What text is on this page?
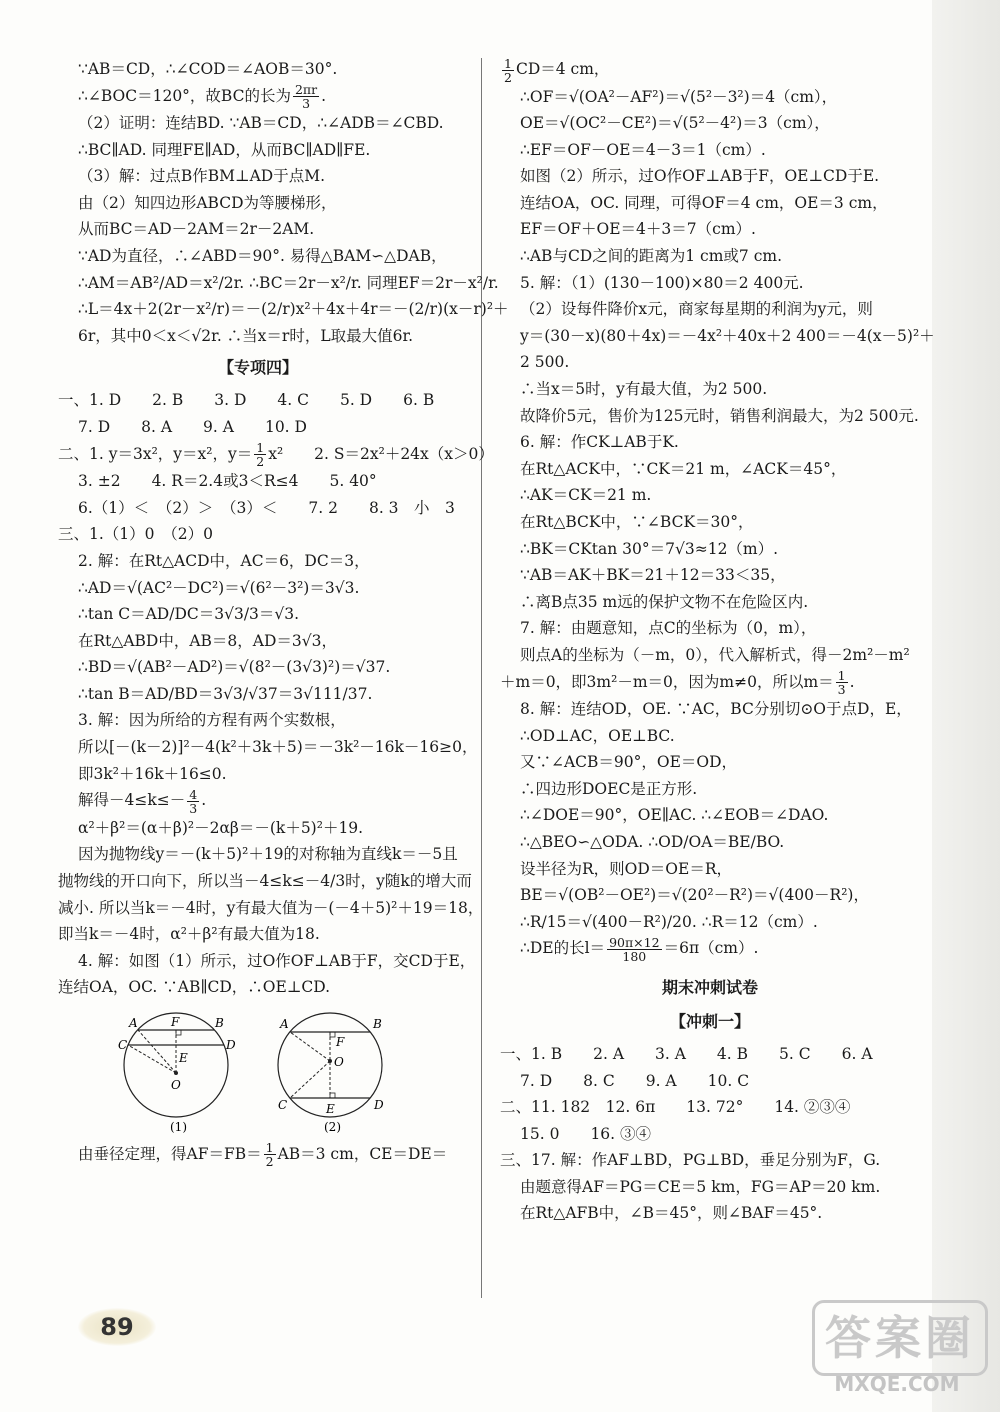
∵AB＝CD，∴∠COD＝∠AOB＝30°.
∴∠BOC＝120°，故BC的长为 $\frac{2\pi r}{3}$ .
（2）证明：连结BD. ∵AB＝CD，∴∠ADB＝∠CBD.
∴BC∥AD. 同理FE∥AD，从而BC∥AD∥FE.
（3）解：过点B作BM⊥AD于点M.
由（2）知四边形ABCD为等腰梯形，
从而BC＝AD－2AM＝2r－2AM.
∵AD为直径，∴∠ABD＝90°. 易得△BAM∽△DAB，
∴AM＝AB²/AD＝x²/2r. ∴BC＝2r－x²/r. 同理EF＝2r－x²/r.
∴L＝4x＋2(2r－x²/r)＝－(2/r)x²＋4x＋4r＝－(2/r)(x－r)²＋
6r，其中0＜x＜√2r. ∴当x＝r时，L取最大值6r.
【专项四】
一、1. D　　2. B　　3. D　　4. C　　5. D　　6. B
7. D　　8. A　　9. A　　10. D
二、1. y＝3x²，y＝x²，$y= \frac{1}{2} x^2$　　2. S＝2x²＋24x（x＞0）
3. ±2　　4. R＝2.4或3＜R≤4　　5. 40°
6.（1）＜　（2）＞　（3）＜　　7. 2　　8. 3　小　3
三、1.（1）0　（2）0
2. 解：在Rt△ACD中，AC＝6，DC＝3，
∴AD＝√(AC²－DC²)＝√(6²－3²)＝3√3.
∴tan C＝AD/DC＝3√3/3＝√3.
在Rt△ABD中，AB＝8，AD＝3√3，
∴BD＝√(AB²－AD²)＝√(8²－(3√3)²)＝√37.
∴tan B＝AD/BD＝3√3/√37＝3√111/37.
3. 解：因为所给的方程有两个实数根，
所以[－(k－2)]²－4(k²＋3k＋5)＝－3k²－16k－16≥0，
即3k²＋16k＋16≤0.
解得$-4\le k\le- \frac{4}{3}$ .
α²＋β²＝(α＋β)²－2αβ＝－(k＋5)²＋19.
因为抛物线y＝－(k＋5)²＋19的对称轴为直线k＝－5且
抛物线的开口向下，所以当－4≤k≤－4/3时，y随k的增大而
减小. 所以当k＝－4时，y有最大值为－(－4＋5)²＋19＝18，
即当k＝－4时，α²＋β²有最大值为18.
4. 解：如图（1）所示，过O作OF⊥AB于F，交CD于E，
连结OA，OC. ∵AB∥CD，∴OE⊥CD.
A	B
C	D
E
F
O
(1)
A	B
C	D
E
F
O
(2)
由垂径定理，得$AF=FB= \frac{1}{2} AB=3$ cm，CE＝DE＝
$\frac{1}{2} CD=4$ cm，
∴OF＝√(OA²－AF²)＝√(5²－3²)＝4（cm），
OE＝√(OC²－CE²)＝√(5²－4²)＝3（cm），
∴EF＝OF－OE＝4－3＝1（cm）.
如图（2）所示，过O作OF⊥AB于F，OE⊥CD于E.
连结OA，OC. 同理，可得OF＝4 cm，OE＝3 cm，
EF＝OF＋OE＝4＋3＝7（cm）.
∴AB与CD之间的距离为1 cm或7 cm.
5. 解：（1）(130－100)×80＝2 400元.
（2）设每件降价x元，商家每星期的利润为y元，则
y＝(30－x)(80＋4x)＝－4x²＋40x＋2 400＝－4(x－5)²＋
2 500.
∴当x＝5时，y有最大值，为2 500.
故降价5元，售价为125元时，销售利润最大，为2 500元.
6. 解：作CK⊥AB于K.
在Rt△ACK中，∵CK＝21 m，∠ACK＝45°，
∴AK＝CK＝21 m.
在Rt△BCK中，∵∠BCK＝30°，
∴BK＝CKtan 30°＝7√3≈12（m）.
∵AB＝AK＋BK＝21＋12＝33＜35，
∴离B点35 m远的保护文物不在危险区内.
7. 解：由题意知，点C的坐标为（0，m），
则点A的坐标为（－m，0），代入解析式，得－2m²－m²
＋m＝0，即3m²－m＝0，因为m≠0，所以$m= \frac{1}{3}$ .
8. 解：连结OD，OE. ∵AC，BC分别切⊙O于点D，E，
∴OD⊥AC，OE⊥BC.
又∵∠ACB＝90°，OE＝OD，
∴四边形DOEC是正方形.
∴∠DOE＝90°，OE∥AC. ∴∠EOB＝∠DAO.
∴△BEO∽△ODA. ∴OD/OA＝BE/BO.
设半径为R，则OD＝OE＝R，
BE＝√(OB²－OE²)＝√(20²－R²)＝√(400－R²)，
∴R/15＝√(400－R²)/20. ∴R＝12（cm）.
∴DE的长$l= \frac{90\pi\times 12}{180} =6\pi(cm)$.
期末冲刺试卷
【冲刺一】
一、1. B　　2. A　　3. A　　4. B　　5. C　　6. A
7. D　　8. C　　9. A　　10. C
二、11. 182　12. 6π　　13. 72°　　14. ②③④
15. 0　　16. ③④
三、17. 解：作AF⊥BD，PG⊥BD，垂足分别为F，G.
由题意得AF＝PG＝CE＝5 km，FG＝AP＝20 km.
在Rt△AFB中，∠B＝45°，则∠BAF＝45°.
89	答案圈
MXQE.COM
